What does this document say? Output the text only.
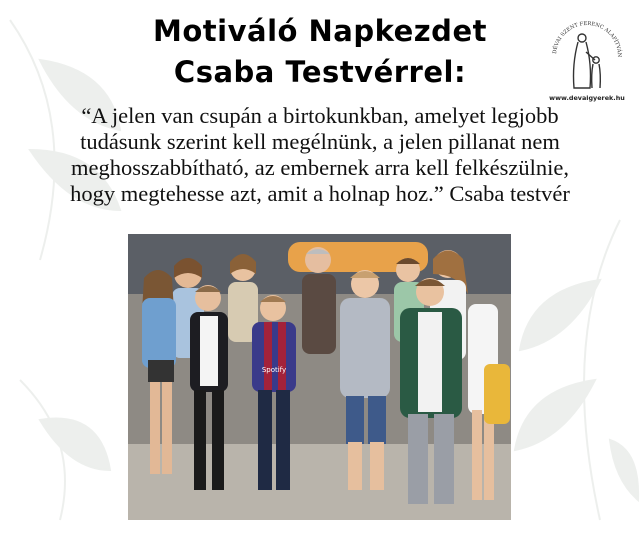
Motiváló Napkezdet
Csaba Testvérrel:
DÉVAI SZENT FERENC ALAPÍTVÁN
www.devaigyerek.hu
“A jelen van csupán a birtokunkban, amelyet legjobb
tudásunk szerint kell megélnünk, a jelen pillanat nem
meghosszabbítható, az embernek arra kell felkészülnie,
hogy megtehesse azt, amit a holnap hoz.” Csaba testvér
Spotify
